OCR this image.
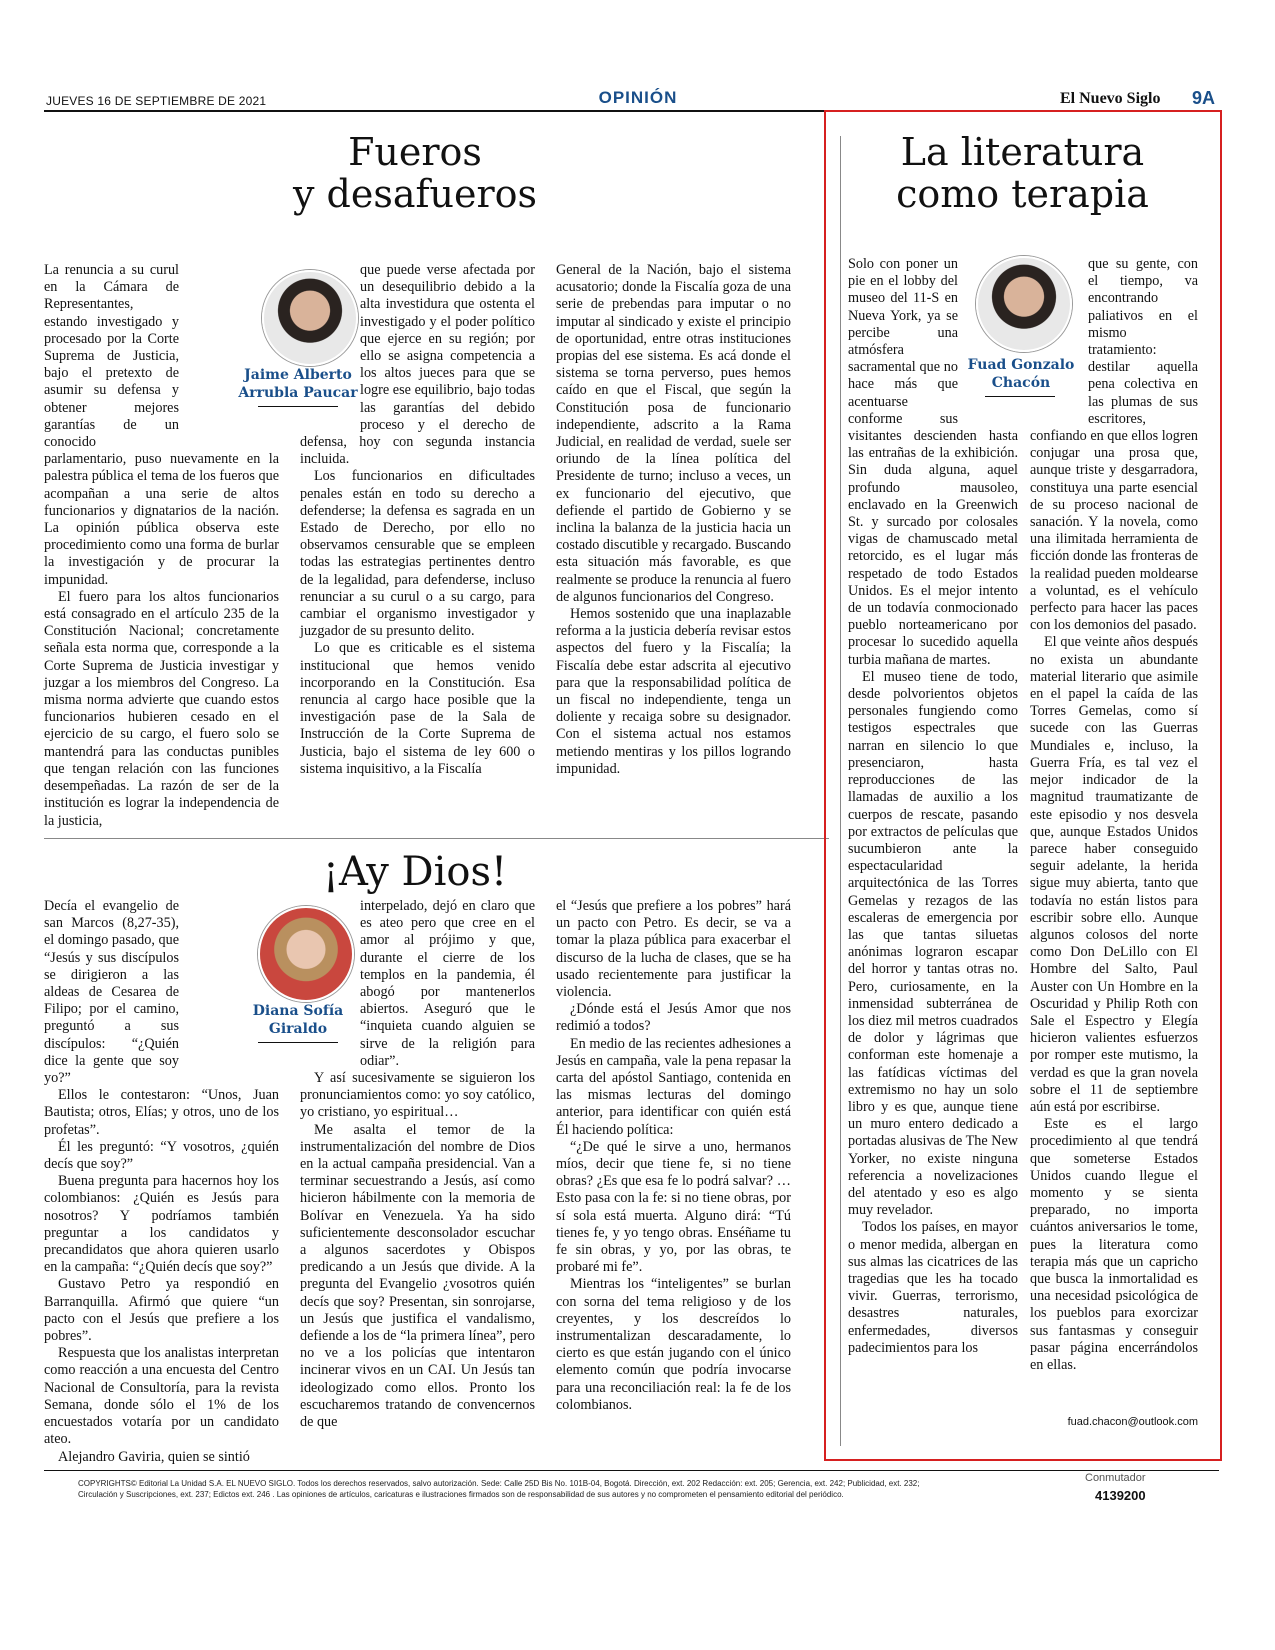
JUEVES 16 DE SEPTIEMBRE DE 2021	OPINIÓN	El Nuevo Siglo 9A
Fueros
y desafueros
Jaime Alberto
Arrubla Paucar

La renuncia a su curul en la Cámara de Representantes, estando investigado y procesado por la Corte Suprema de Justicia, bajo el pretexto de asumir su defensa y obtener mejores garantías de un conocido parlamentario, puso nuevamente en la palestra pública el tema de los fueros que acompañan a una serie de altos funcionarios y dignatarios de la nación. La opinión pública observa este procedimiento como una forma de burlar la investigación y de procurar la impunidad.

El fuero para los altos funcionarios está consagrado en el artículo 235 de la Constitución Nacional; concretamente señala esta norma que, corresponde a la Corte Suprema de Justicia investigar y juzgar a los miembros del Congreso. La misma norma advierte que cuando estos funcionarios hubieren cesado en el ejercicio de su cargo, el fuero solo se mantendrá para las conductas punibles que tengan relación con las funciones desempeñadas. La razón de ser de la institución es lograr la independencia de la justicia,

que puede verse afectada por un desequilibrio debido a la alta investidura que ostenta el investigado y el poder político que ejerce en su región; por ello se asigna competencia a los altos jueces para que se logre ese equilibrio, bajo todas las garantías del debido proceso y el derecho de defensa, hoy con segunda instancia incluida.

Los funcionarios en dificultades penales están en todo su derecho a defenderse; la defensa es sagrada en un Estado de Derecho, por ello no observamos censurable que se empleen todas las estrategias pertinentes dentro de la legalidad, para defenderse, incluso renunciar a su curul o a su cargo, para cambiar el organismo investigador y juzgador de su presunto delito.

Lo que es criticable es el sistema institucional que hemos venido incorporando en la Constitución. Esa renuncia al cargo hace posible que la investigación pase de la Sala de Instrucción de la Corte Suprema de Justicia, bajo el sistema de ley 600 o sistema inquisitivo, a la Fiscalía

General de la Nación, bajo el sistema acusatorio; donde la Fiscalía goza de una serie de prebendas para imputar o no imputar al sindicado y existe el principio de oportunidad, entre otras instituciones propias del ese sistema. Es acá donde el sistema se torna perverso, pues hemos caído en que el Fiscal, que según la Constitución posa de funcionario independiente, adscrito a la Rama Judicial, en realidad de verdad, suele ser oriundo de la línea política del Presidente de turno; incluso a veces, un ex funcionario del ejecutivo, que defiende el partido de Gobierno y se inclina la balanza de la justicia hacia un costado discutible y recargado. Buscando esta situación más favorable, es que realmente se produce la renuncia al fuero de algunos funcionarios del Congreso.

Hemos sostenido que una inaplazable reforma a la justicia debería revisar estos aspectos del fuero y la Fiscalía; la Fiscalía debe estar adscrita al ejecutivo para que la responsabilidad política de un fiscal no independiente, tenga un doliente y recaiga sobre su designador. Con el sistema actual nos estamos metiendo mentiras y los pillos logrando impunidad.

¡Ay Dios!
Diana Sofía
Giraldo

Decía el evangelio de san Marcos (8,27-35), el domingo pasado, que “Jesús y sus discípulos se dirigieron a las aldeas de Cesarea de Filipo; por el camino, preguntó a sus discípulos: “¿Quién dice la gente que soy yo?”

Ellos le contestaron: “Unos, Juan Bautista; otros, Elías; y otros, uno de los profetas”.

Él les preguntó: “Y vosotros, ¿quién decís que soy?”

Buena pregunta para hacernos hoy los colombianos: ¿Quién es Jesús para nosotros? Y podríamos también preguntar a los candidatos y precandidatos que ahora quieren usarlo en la campaña: “¿Quién decís que soy?”

Gustavo Petro ya respondió en Barranquilla. Afirmó que quiere “un pacto con el Jesús que prefiere a los pobres”.

Respuesta que los analistas interpretan como reacción a una encuesta del Centro Nacional de Consultoría, para la revista Semana, donde sólo el 1% de los encuestados votaría por un candidato ateo.

Alejandro Gaviria, quien se sintió

interpelado, dejó en claro que es ateo pero que cree en el amor al prójimo y que, durante el cierre de los templos en la pandemia, él abogó por mantenerlos abiertos. Aseguró que le “inquieta cuando alguien se sirve de la religión para odiar”.

Y así sucesivamente se siguieron los pronunciamientos como: yo soy católico, yo cristiano, yo espiritual…

Me asalta el temor de la instrumentalización del nombre de Dios en la actual campaña presidencial. Van a terminar secuestrando a Jesús, así como hicieron hábilmente con la memoria de Bolívar en Venezuela. Ya ha sido suficientemente desconsolador escuchar a algunos sacerdotes y Obispos predicando a un Jesús que divide. A la pregunta del Evangelio ¿vosotros quién decís que soy? Presentan, sin sonrojarse, un Jesús que justifica el vandalismo, defiende a los de “la primera línea”, pero no ve a los policías que intentaron incinerar vivos en un CAI. Un Jesús tan ideologizado como ellos. Pronto los escucharemos tratando de convencernos de que

el “Jesús que prefiere a los pobres” hará un pacto con Petro. Es decir, se va a tomar la plaza pública para exacerbar el discurso de la lucha de clases, que se ha usado recientemente para justificar la violencia.

¿Dónde está el Jesús Amor que nos redimió a todos?

En medio de las recientes adhesiones a Jesús en campaña, vale la pena repasar la carta del apóstol Santiago, contenida en las mismas lecturas del domingo anterior, para identificar con quién está Él haciendo política:

“¿De qué le sirve a uno, hermanos míos, decir que tiene fe, si no tiene obras? ¿Es que esa fe lo podrá salvar? … Esto pasa con la fe: si no tiene obras, por sí sola está muerta. Alguno dirá: “Tú tienes fe, y yo tengo obras. Enséñame tu fe sin obras, y yo, por las obras, te probaré mi fe”.

Mientras los “inteligentes” se burlan con sorna del tema religioso y de los creyentes, y los descreídos lo instrumentalizan descaradamente, lo cierto es que están jugando con el único elemento común que podría invocarse para una reconciliación real: la fe de los colombianos.

La literatura
como terapia
Fuad Gonzalo
Chacón

Solo con poner un pie en el lobby del museo del 11-S en Nueva York, ya se percibe una atmósfera sacramental que no hace más que acentuarse conforme sus visitantes descienden hasta las entrañas de la exhibición. Sin duda alguna, aquel profundo mausoleo, enclavado en la Greenwich St. y surcado por colosales vigas de chamuscado metal retorcido, es el lugar más respetado de todo Estados Unidos. Es el mejor intento de un todavía conmocionado pueblo norteamericano por procesar lo sucedido aquella turbia mañana de martes.

El museo tiene de todo, desde polvorientos objetos personales fungiendo como testigos espectrales que narran en silencio lo que presenciaron, hasta reproducciones de las llamadas de auxilio a los cuerpos de rescate, pasando por extractos de películas que sucumbieron ante la espectacularidad arquitectónica de las Torres Gemelas y rezagos de las escaleras de emergencia por las que tantas siluetas anónimas lograron escapar del horror y tantas otras no. Pero, curiosamente, en la inmensidad subterránea de los diez mil metros cuadrados de dolor y lágrimas que conforman este homenaje a las fatídicas víctimas del extremismo no hay un solo libro y es que, aunque tiene un muro entero dedicado a portadas alusivas de The New Yorker, no existe ninguna referencia a novelizaciones del atentado y eso es algo muy revelador.

Todos los países, en mayor o menor medida, albergan en sus almas las cicatrices de las tragedias que les ha tocado vivir. Guerras, terrorismo, desastres naturales, enfermedades, diversos padecimientos para los

que su gente, con el tiempo, va encontrando paliativos en el mismo tratamiento: destilar aquella pena colectiva en las plumas de sus escritores, confiando en que ellos logren conjugar una prosa que, aunque triste y desgarradora, constituya una parte esencial de su proceso nacional de sanación. Y la novela, como una ilimitada herramienta de ficción donde las fronteras de la realidad pueden moldearse a voluntad, es el vehículo perfecto para hacer las paces con los demonios del pasado.

El que veinte años después no exista un abundante material literario que asimile en el papel la caída de las Torres Gemelas, como sí sucede con las Guerras Mundiales e, incluso, la Guerra Fría, es tal vez el mejor indicador de la magnitud traumatizante de este episodio y nos desvela que, aunque Estados Unidos parece haber conseguido seguir adelante, la herida sigue muy abierta, tanto que todavía no están listos para escribir sobre ello. Aunque algunos colosos del norte como Don DeLillo con El Hombre del Salto, Paul Auster con Un Hombre en la Oscuridad y Philip Roth con Sale el Espectro y Elegía hicieron valientes esfuerzos por romper este mutismo, la verdad es que la gran novela sobre el 11 de septiembre aún está por escribirse.

Este es el largo procedimiento al que tendrá que someterse Estados Unidos cuando llegue el momento y se sienta preparado, no importa cuántos aniversarios le tome, pues la literatura como terapia más que un capricho que busca la inmortalidad es una necesidad psicológica de los pueblos para exorcizar sus fantasmas y conseguir pasar página encerrándolos en ellas.

fuad.chacon@outlook.com
COPYRIGHTS© Editorial La Unidad S.A. EL NUEVO SIGLO. Todos los derechos reservados, salvo autorización. Sede: Calle 25D Bis No. 101B-04, Bogotá. Dirección, ext. 202 Redacción: ext. 205; Gerencia, ext. 242; Publicidad, ext. 232;
Circulación y Suscripciones, ext. 237; Edictos ext. 246 . Las opiniones de artículos, caricaturas e ilustraciones firmados son de responsabilidad de sus autores y no comprometen el pensamiento editorial del periódico.
Conmutador
4139200
